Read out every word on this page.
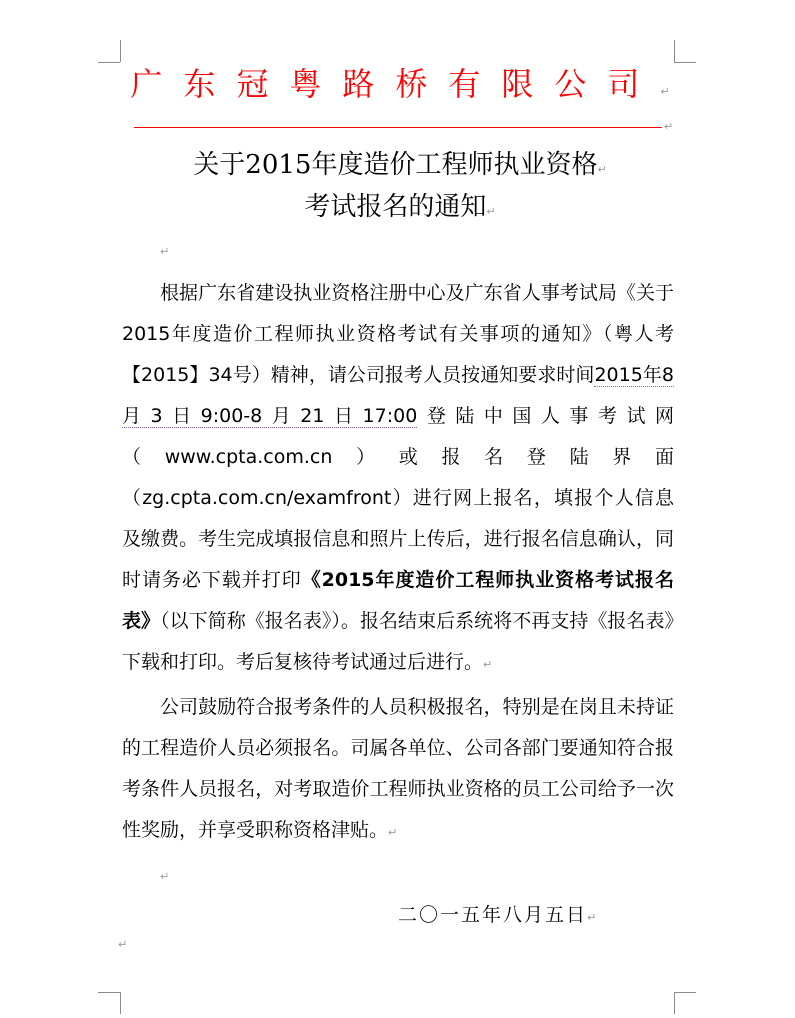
广东冠粤路桥有限公司↵
↵
关于2015年度造价工程师执业资格↵
考试报名的通知↵
↵

根据广东省建设执业资格注册中心及广东省人事考试局《关于2015年度造价工程师执业资格考试有关事项的通知》（粤人考【2015】34号）精神，请公司报考人员按通知要求时间2015年8月3日9:00-8月21日17:00登陆中国人事考试网（www.cpta.com.cn）或报名登陆界面（zg.cpta.com.cn/examfront）进行网上报名，填报个人信息及缴费。考生完成填报信息和照片上传后，进行报名信息确认，同时请务必下载并打印《2015年度造价工程师执业资格考试报名表》（以下简称《报名表》）。报名结束后系统将不再支持《报名表》下载和打印。考后复核待考试通过后进行。↵

公司鼓励符合报考条件的人员积极报名，特别是在岗且未持证的工程造价人员必须报名。司属各单位、公司各部门要通知符合报考条件人员报名，对考取造价工程师执业资格的员工公司给予一次性奖励，并享受职称资格津贴。↵

↵
二〇一五年八月五日↵
↵
